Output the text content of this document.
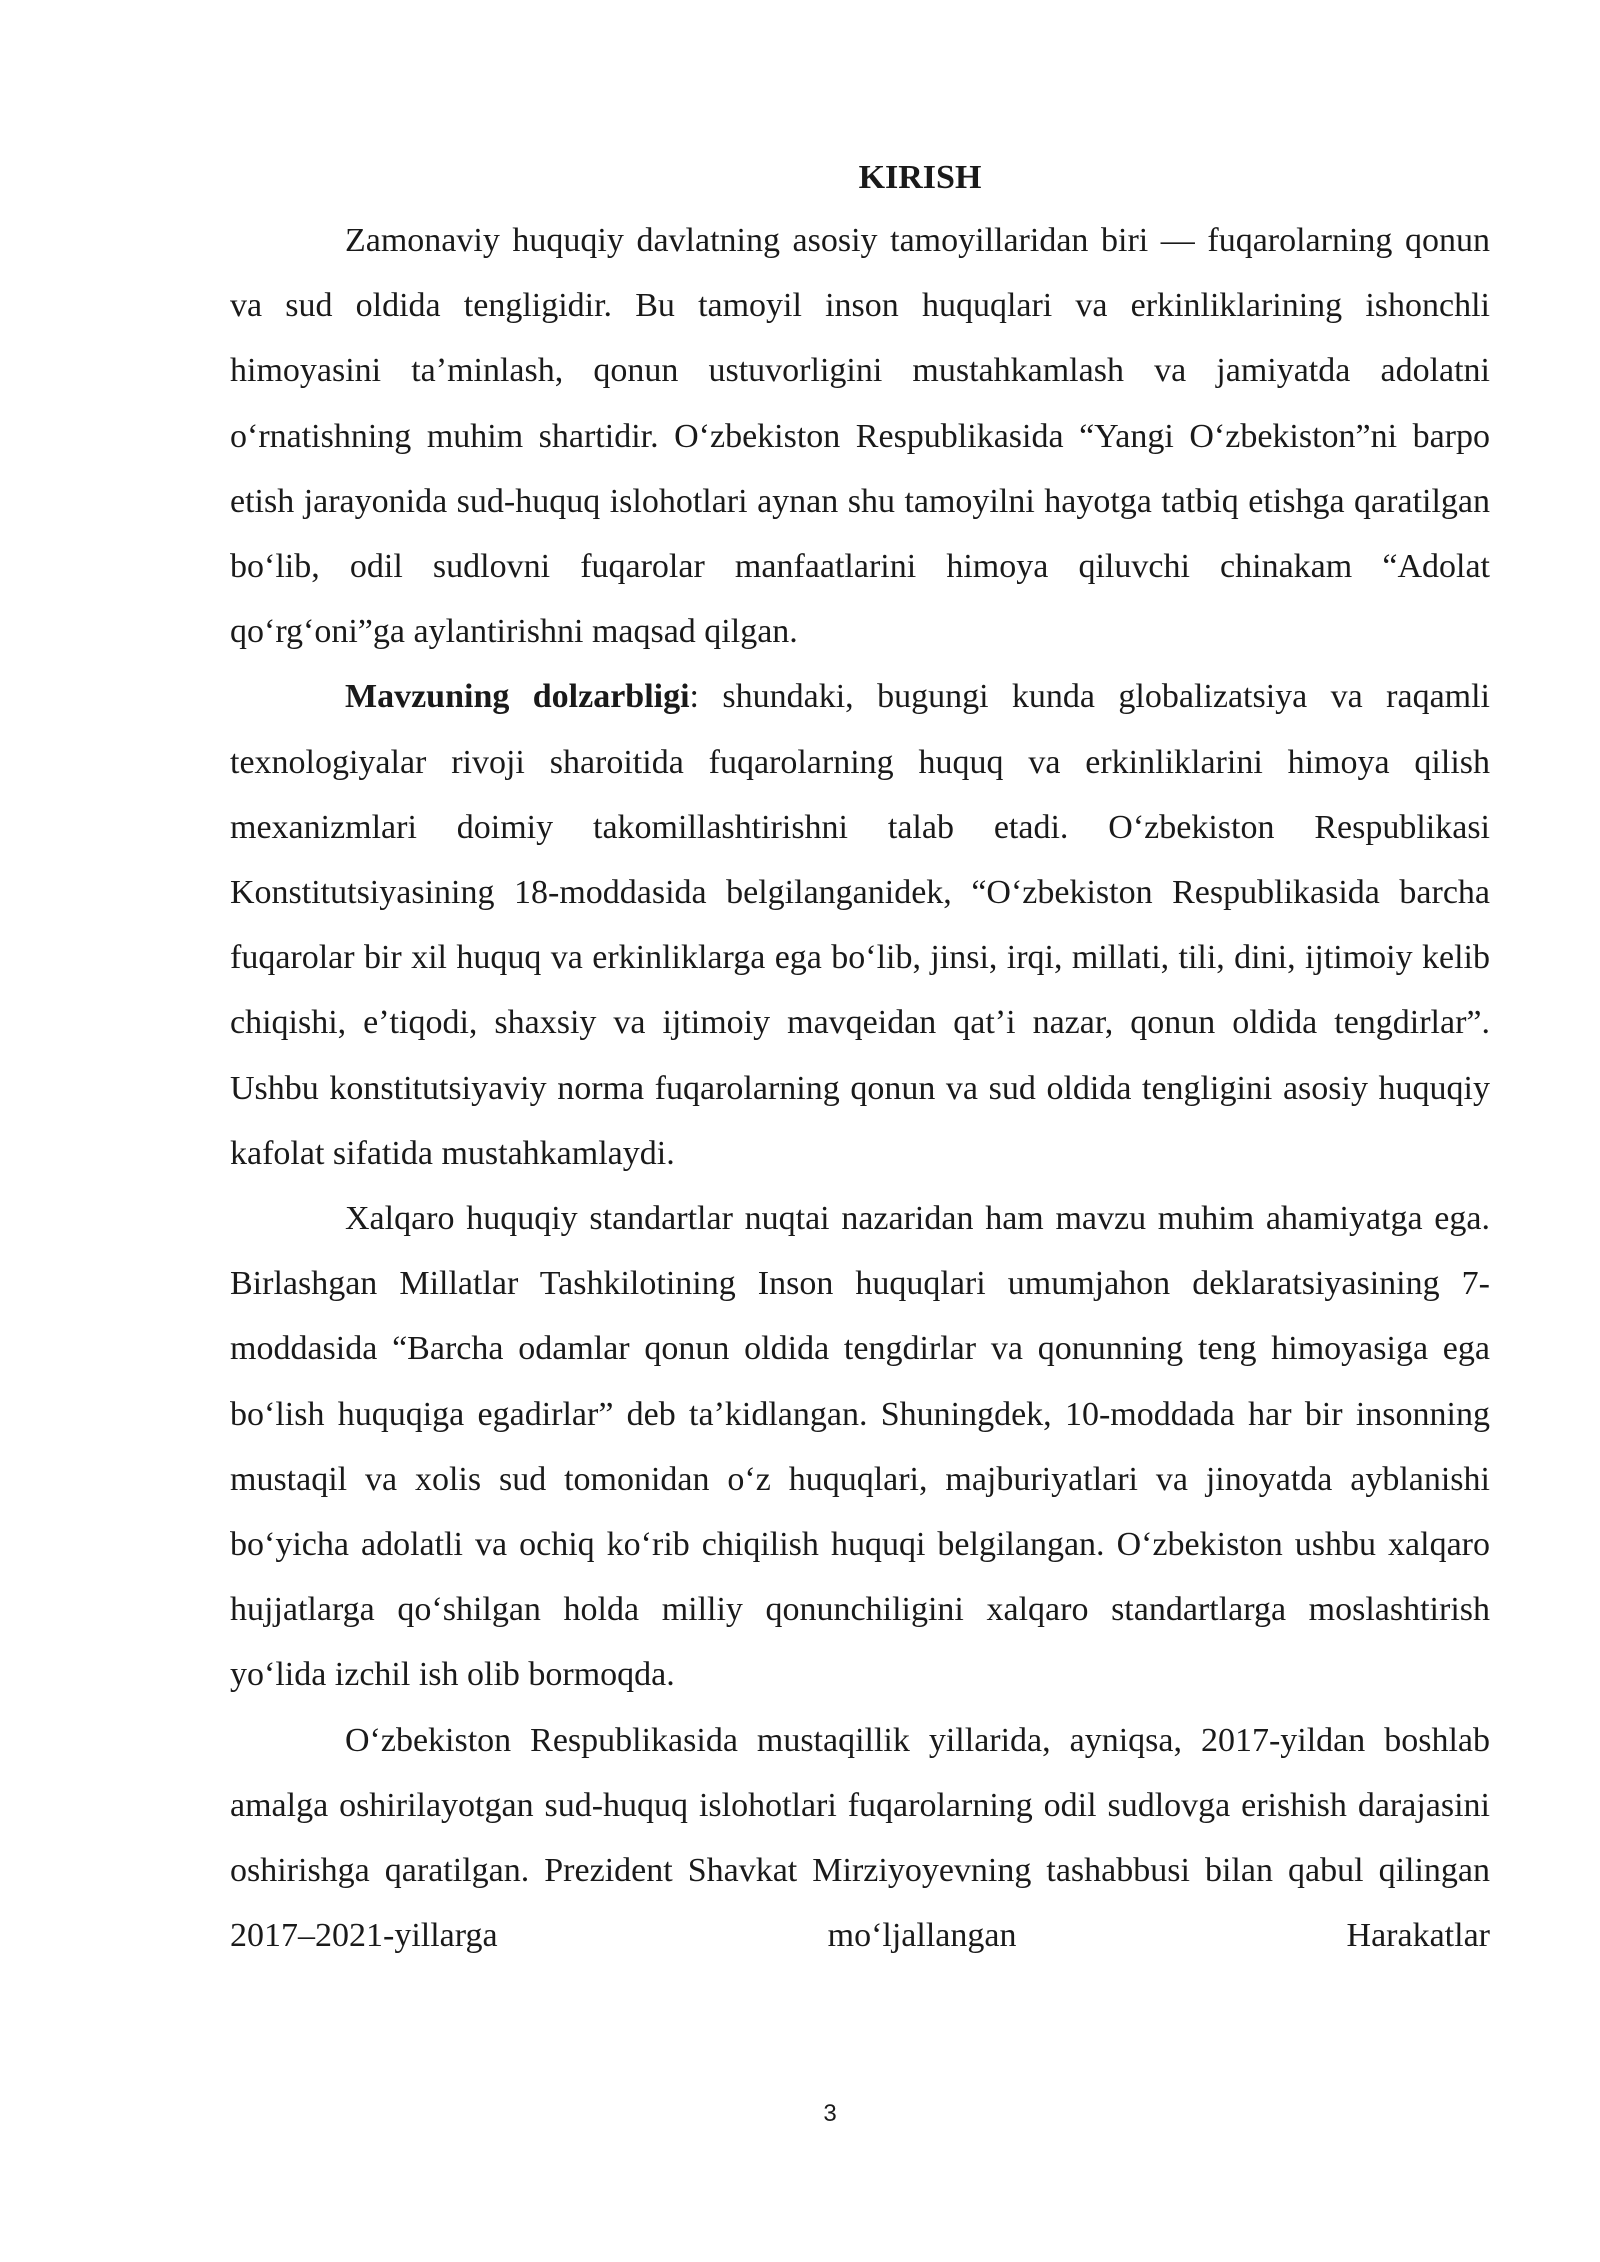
KIRISH

Zamonaviy huquqiy davlatning asosiy tamoyillaridan biri — fuqarolarning qonun va sud oldida tengligidir. Bu tamoyil inson huquqlari va erkinliklarining ishonchli himoyasini taʼminlash, qonun ustuvorligini mustahkamlash va jamiyatda adolatni oʻrnatishning muhim shartidir. Oʻzbekiston Respublikasida “Yangi Oʻzbekiston”ni barpo etish jarayonida sud-huquq islohotlari aynan shu tamoyilni hayotga tatbiq etishga qaratilgan boʻlib, odil sudlovni fuqarolar manfaatlarini himoya qiluvchi chinakam “Adolat qoʻrgʻoni”ga aylantirishni maqsad qilgan.

Mavzuning dolzarbligi: shundaki, bugungi kunda globalizatsiya va raqamli texnologiyalar rivoji sharoitida fuqarolarning huquq va erkinliklarini himoya qilish mexanizmlari doimiy takomillashtirishni talab etadi. Oʻzbekiston Respublikasi Konstitutsiyasining 18-moddasida belgilanganidek, “Oʻzbekiston Respublikasida barcha fuqarolar bir xil huquq va erkinliklarga ega boʻlib, jinsi, irqi, millati, tili, dini, ijtimoiy kelib chiqishi, eʼtiqodi, shaxsiy va ijtimoiy mavqeidan qatʼi nazar, qonun oldida tengdirlar”. Ushbu konstitutsiyaviy norma fuqarolarning qonun va sud oldida tengligini asosiy huquqiy kafolat sifatida mustahkamlaydi.

Xalqaro huquqiy standartlar nuqtai nazaridan ham mavzu muhim ahamiyatga ega. Birlashgan Millatlar Tashkilotining Inson huquqlari umumjahon deklaratsiyasining 7-moddasida “Barcha odamlar qonun oldida tengdirlar va qonunning teng himoyasiga ega boʻlish huquqiga egadirlar” deb taʼkidlangan. Shuningdek, 10-moddada har bir insonning mustaqil va xolis sud tomonidan oʻz huquqlari, majburiyatlari va jinoyatda ayblanishi boʻyicha adolatli va ochiq koʻrib chiqilish huquqi belgilangan. Oʻzbekiston ushbu xalqaro hujjatlarga qoʻshilgan holda milliy qonunchiligini xalqaro standartlarga moslashtirish yoʻlida izchil ish olib bormoqda.

Oʻzbekiston Respublikasida mustaqillik yillarida, ayniqsa, 2017-yildan boshlab amalga oshirilayotgan sud-huquq islohotlari fuqarolarning odil sudlovga erishish darajasini oshirishga qaratilgan. Prezident Shavkat Mirziyoyevning tashabbusi bilan qabul qilingan 2017–2021-yillarga moʻljallangan Harakatlar

3
